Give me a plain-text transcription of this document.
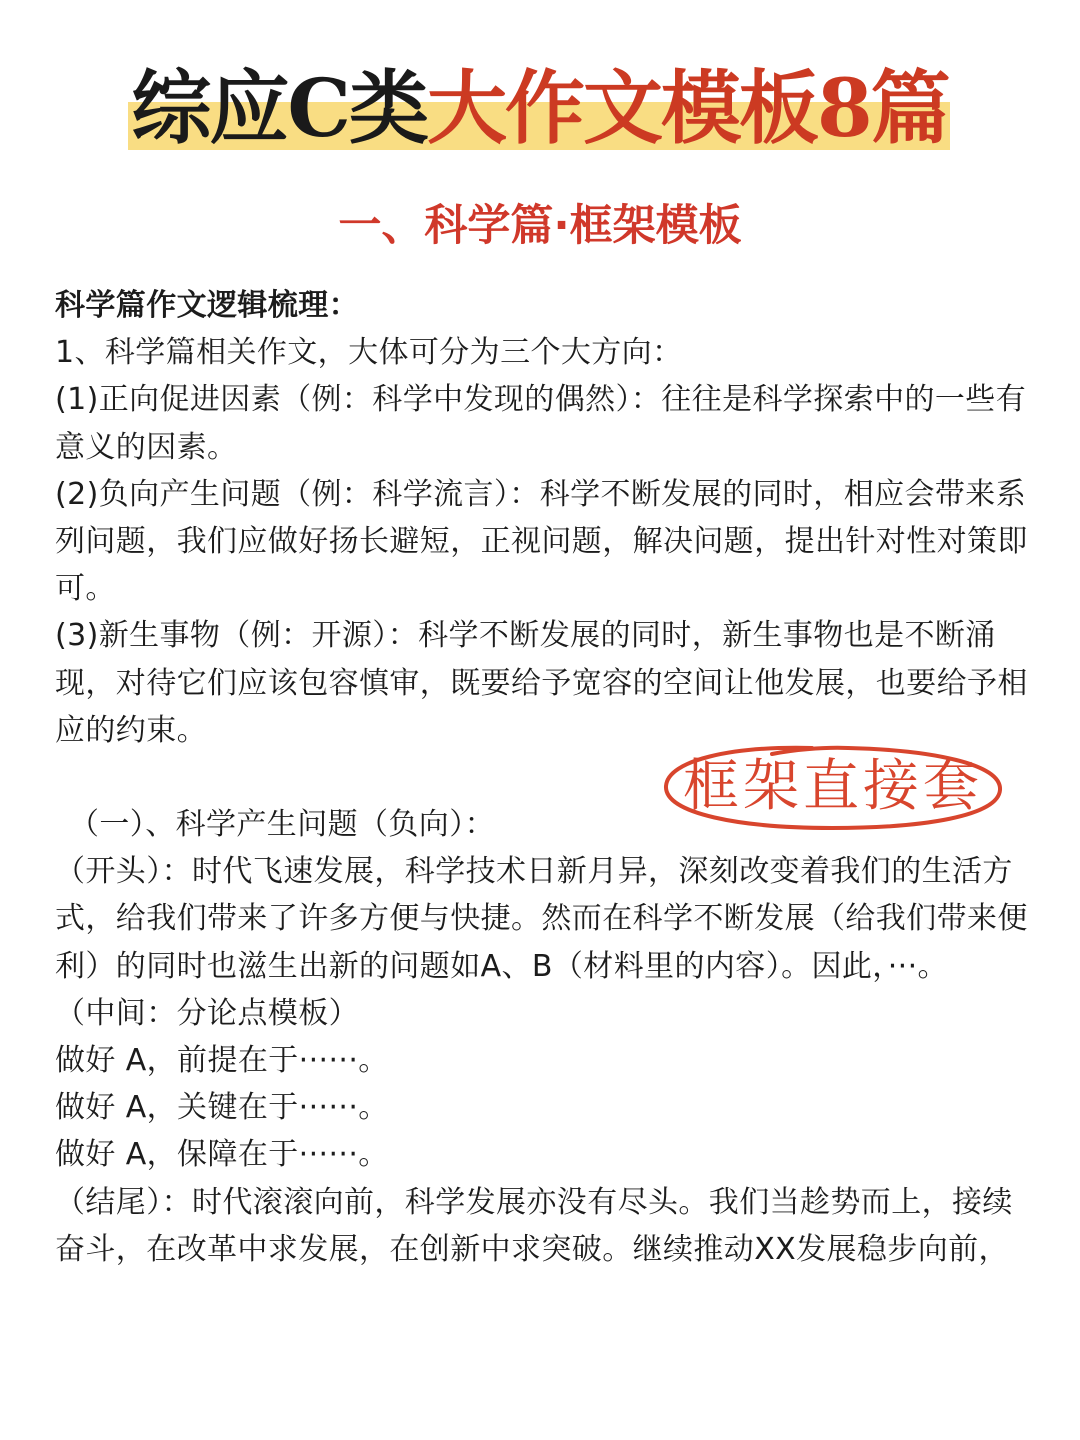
综应C类大作文模板8篇
一、科学篇·框架模板

科学篇作文逻辑梳理：

1、科学篇相关作文，大体可分为三个大方向：

(1)正向促进因素（例：科学中发现的偶然）：往往是科学探索中的一些有意义的因素。

(2)负向产生问题（例：科学流言）：科学不断发展的同时，相应会带来系列问题，我们应做好扬长避短，正视问题，解决问题，提出针对性对策即可。

(3)新生事物（例：开源）：科学不断发展的同时，新生事物也是不断涌现，对待它们应该包容慎审，既要给予宽容的空间让他发展，也要给予相应的约束。

（一）、科学产生问题（负向）：

（开头）：时代飞速发展，科学技术日新月异，深刻改变着我们的生活方式，给我们带来了许多方便与快捷。然而在科学不断发展（给我们带来便利）的同时也滋生出新的问题如A、B（材料里的内容）。因此，···。

（中间：分论点模板）

做好 A，前提在于······。

做好 A，关键在于······。

做好 A，保障在于······。

（结尾）：时代滚滚向前，科学发展亦没有尽头。我们当趁势而上，接续奋斗，在改革中求发展，在创新中求突破。继续推动XX发展稳步向前，

框架直接套
